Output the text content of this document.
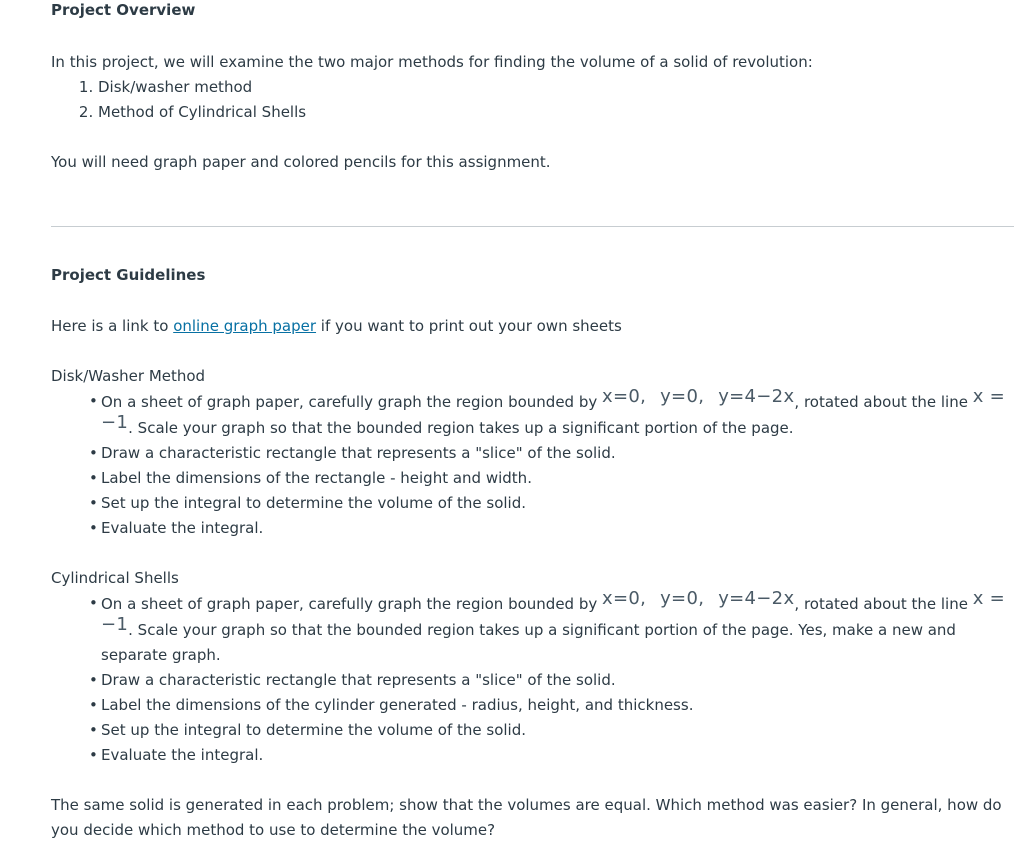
Project Overview

In this project, we will examine the two major methods for finding the volume of a solid of revolution:

1. Disk/washer method
2. Method of Cylindrical Shells

You will need graph paper and colored pencils for this assignment.

Project Guidelines

Here is a link to online graph paper if you want to print out your own sheets

Disk/Washer Method

• On a sheet of graph paper, carefully graph the region bounded by x=0, y=0, y=4−2x, rotated about the line x = −1. Scale your graph so that the bounded region takes up a significant portion of the page.
• Draw a characteristic rectangle that represents a "slice" of the solid.
• Label the dimensions of the rectangle - height and width.
• Set up the integral to determine the volume of the solid.
• Evaluate the integral.

Cylindrical Shells

• On a sheet of graph paper, carefully graph the region bounded by x=0, y=0, y=4−2x, rotated about the line x = −1. Scale your graph so that the bounded region takes up a significant portion of the page. Yes, make a new and separate graph.
• Draw a characteristic rectangle that represents a "slice" of the solid.
• Label the dimensions of the cylinder generated - radius, height, and thickness.
• Set up the integral to determine the volume of the solid.
• Evaluate the integral.

The same solid is generated in each problem; show that the volumes are equal. Which method was easier? In general, how do you decide which method to use to determine the volume?
